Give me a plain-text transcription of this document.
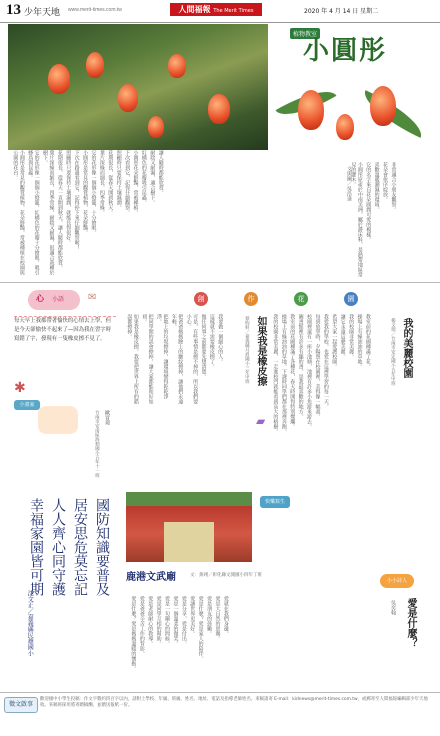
13 少年天地 www.merit-times.com.tw	人間福報 The Merit Times	2020 年 4 月 14 日 星期二
植物教室
小圓彤
文與圖／吳沿逢
小圓彤是常見的觀賞植物，花朵鮮豔，常被種植在校園與公園的花台。	它的花形像一個個小燈籠，紅橘色的花瓣十分搶眼，吸引蜂鳥與昆蟲。	葉片深綠而細長，四季常綠，耐陰又耐濕，很適合栽種於樹下。 花期很長，從春天一直開到秋天，讓人隨時都能欣賞。 照顧時只要保持土壤濕潤，就能長得很好。 下次在路邊看到它，記得停下來仔細觀察喔！ 小圓彤是常見的觀賞植物，花朵鮮豔。 它的花形像一個個小燈籠，十分搶眼。 葉片深綠而細長，四季常綠。 花期很長，從春天開到秋天。 照顧時只要保持土壤濕潤。 下次看到它，記得仔細觀察。 小圓彤花朵鮮豔，常被種植。 紅橘色的花瓣吸引昆蟲。 耐陰又耐濕，適合樹下。 讓人隨時都能欣賞。	小圓彤原產於中南美洲，屬於爵床科，是熱帶地區常見的灌木。 它的名字來自花朵圓潤可愛的模樣。 喜歡溫暖潮濕的環境。 花朵會依序綻放。 非常適合小朋友觀察。
心 小語 ✉
每天早上我都帶著愉快的心情去上學，但是今天卻愉快不起來了—因為我在習字時寫錯了字，發現有一隻橡皮擦不見了。
✱
創	作	花	園
如果我是橡皮擦，我要把世界上所有的錯誤都擦掉。	把同學間的誤會擦掉，讓大家都能和好如初。	把地上的垃圾擦掉，讓環境變得乾乾淨淨。	把爸爸媽媽臉上的皺紋擦掉，讓他們永遠年輕。	可是，有些事情是擦不掉的，所以我們要小心。 做任何事之前都要先想清楚。 這樣就不需要橡皮擦了。 我要做一個細心的人。	如果我是橡皮擦
蔡昀軒／嘉義縣月眉國小三年甲班
▰	我的校園非常美麗，一走進校門就能看到高大的榕樹。 操場上有綠油油的草地，下課時同學們都在那裡奔跑。 教室前的花圃種滿了各種花，春天時開得特別燦爛。 圖書館裡有許多有趣的書，是我最喜歡的地方。 校園裡還有一座小池塘，池裡有許多小魚游來游去。 每到放學時，夕陽照在校園裡，美得像一幅畫。 我愛我的學校，也愛在這裡學習的每一天。 希望大家一起愛護校園。 讓它永遠這麼美麗。 我的校園非常美麗。 操場上有綠油油的草地。 教室前的花圃種滿了花。	我的美麗校園
楊文瑞／台南市安定國小五年甲班
小畫家
歐冒璟
台南市安南區海佃國小五年十一班
國防知識要普及
居安思危莫忘記
人人齊心同守護
幸福家園皆可期
沈文正／嘉義縣民雄國小
快樂寫生
鹿港文武廟	文：黃翊／彰化縣文開國小四年丁班
愛是什麼？愛是媽媽溫暖的懷抱。 愛是爸爸辛苦工作的背影。 愛是老師耐心的教導。 愛是同學互相的幫助。 愛是一句關心的問候。 愛是一個溫柔的微笑。 愛是分享，愛是付出。 愛讓世界更美好。 愛是什麼？愛是家人的陪伴。 愛是朋友的鼓勵。 愛是大自然的恩賜。 愛就在我們身邊。
小小詩人
愛是什麼？
吳奕翰
徵文啟事
歡迎國中小學生投稿：作文字數約四百字以內，請附上學校、年級、班級、姓名、地址、電話及指導老師姓名。來稿請寄 E-mail：kidnews@merit-times.com.tw，或郵寄至人間福報編輯部少年天地收。來稿經採用將寄贈稿酬，並贈送報紙一份。
